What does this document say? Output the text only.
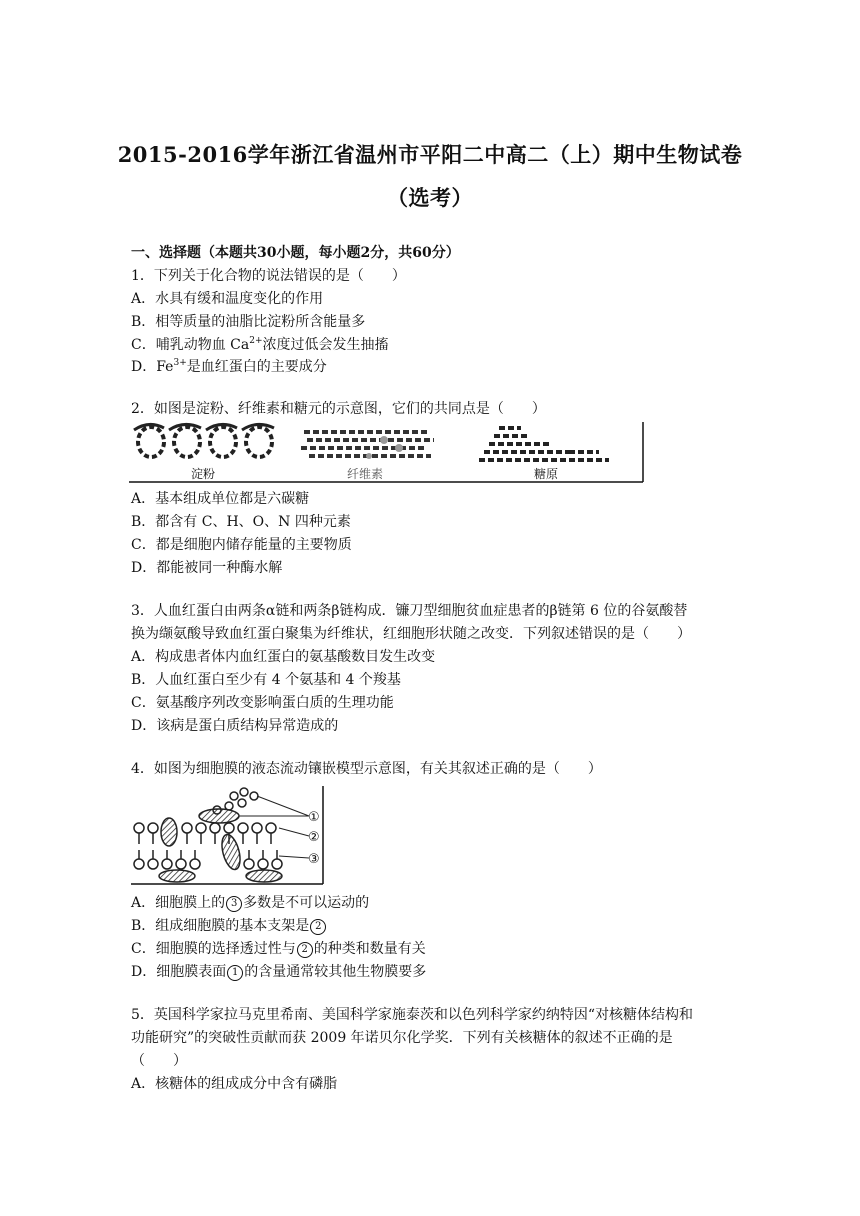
2015-2016学年浙江省温州市平阳二中高二（上）期中生物试卷
（选考）
一、选择题（本题共30小题，每小题2分，共60分）
1．下列关于化合物的说法错误的是（　　）
A．水具有缓和温度变化的作用
B．相等质量的油脂比淀粉所含能量多
C．哺乳动物血 $Ca^{2+}$浓度过低会发生抽搐
D．$Fe^{3+}$是血红蛋白的主要成分
2．如图是淀粉、纤维素和糖元的示意图，它们的共同点是（　　）
淀粉	纤维素	糖原
A．基本组成单位都是六碳糖
B．都含有 C、H、O、N 四种元素
C．都是细胞内储存能量的主要物质
D．都能被同一种酶水解
3．人血红蛋白由两条α链和两条β链构成．镰刀型细胞贫血症患者的β链第 6 位的谷氨酸替
换为缬氨酸导致血红蛋白聚集为纤维状，红细胞形状随之改变．下列叙述错误的是（　　）
A．构成患者体内血红蛋白的氨基酸数目发生改变
B．人血红蛋白至少有 4 个氨基和 4 个羧基
C．氨基酸序列改变影响蛋白质的生理功能
D．该病是蛋白质结构异常造成的
4．如图为细胞膜的液态流动镶嵌模型示意图，有关其叙述正确的是（　　）
①
②
③
A．细胞膜上的 3 多数是不可以运动的
B．组成细胞膜的基本支架是 2
C．细胞膜的选择透过性与 2 的种类和数量有关
D．细胞膜表面 1 的含量通常较其他生物膜要多
5．英国科学家拉马克里希南、美国科学家施泰茨和以色列科学家约纳特因“对核糖体结构和
功能研究”的突破性贡献而获 2009 年诺贝尔化学奖．下列有关核糖体的叙述不正确的是
（　　）
A．核糖体的组成成分中含有磷脂
